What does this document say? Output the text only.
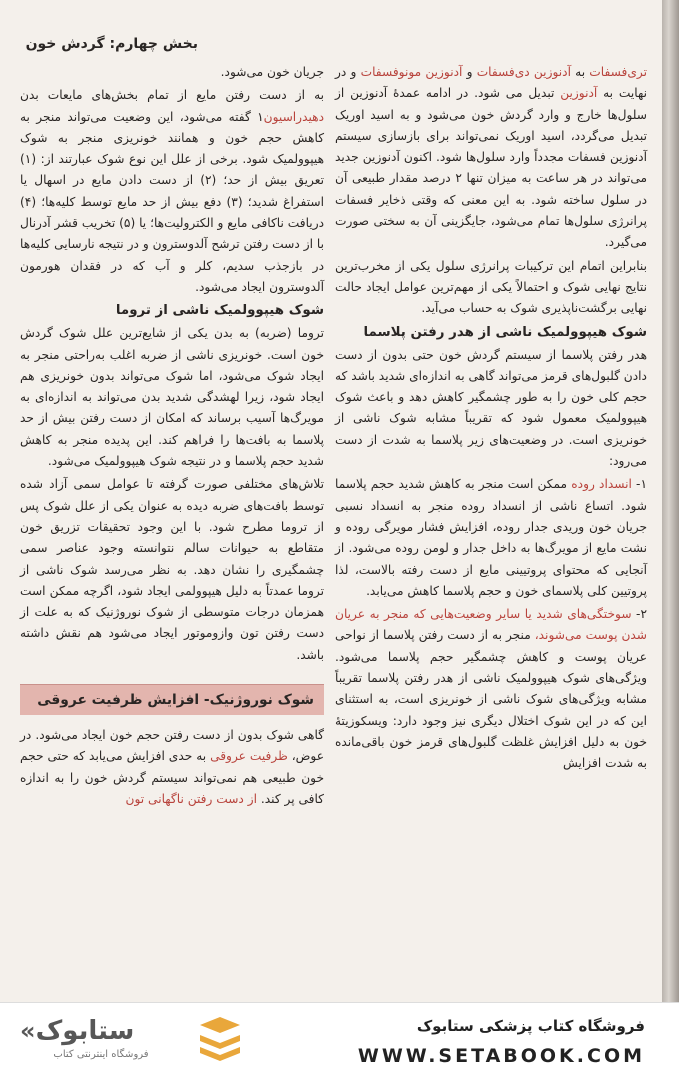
بخش چهارم: گردش خون

تری‌فسفات به آدنوزین دی‌فسفات و آدنوزین مونوفسفات و در نهایت به آدنوزین تبدیل می شود. در ادامه عمدهٔ آدنوزین از سلول‌ها خارج و وارد گردش خون می‌شود و به اسید اوریک تبدیل می‌گردد، اسید اوریک نمی‌تواند برای بازسازی سیستم آدنوزین فسفات مجدداً وارد سلول‌ها شود. اکنون آدنوزین جدید می‌تواند در هر ساعت به میزان تنها ۲ درصد مقدار طبیعی آن در سلول ساخته شود. به این معنی که وقتی ذخایر فسفات پرانرژی سلول‌ها تمام می‌شود، جایگزینی آن به سختی صورت می‌گیرد.

بنابراین اتمام این ترکیبات پرانرژی سلول یکی از مخرب‌ترین نتایج نهایی شوک و احتمالاً یکی از مهم‌ترین عوامل ایجاد حالت نهایی برگشت‌ناپذیری شوک به حساب می‌آید.

شوک هیپوولمیک ناشی از هدر رفتن پلاسما

هدر رفتن پلاسما از سیستم گردش خون حتی بدون از دست دادن گلبول‌های قرمز می‌تواند گاهی به اندازه‌ای شدید باشد که حجم کلی خون را به طور چشمگیر کاهش دهد و باعث شوک هیپوولمیک معمول شود که تقریباً مشابه شوک ناشی از خونریزی است. در وضعیت‌های زیر پلاسما به شدت از دست می‌رود:

۱- انسداد روده ممکن است منجر به کاهش شدید حجم پلاسما شود. اتساع ناشی از انسداد روده منجر به انسداد نسبی جریان خون وریدی جدار روده، افزایش فشار مویرگی روده و نشت مایع از مویرگ‌ها به داخل جدار و لومن روده می‌شود. از آنجایی که محتوای پروتیینی مایع از دست رفته بالاست، لذا پروتیین کلی پلاسمای خون و حجم پلاسما کاهش می‌یابد.

۲- سوختگی‌های شدید یا سایر وضعیت‌هایی که منجر به عریان شدن پوست می‌شوند، منجر به از دست رفتن پلاسما از نواحی عریان پوست و کاهش چشمگیر حجم پلاسما می‌شود. ویژگی‌های شوک هیپوولمیک ناشی از هدر رفتن پلاسما تقریباً مشابه ویژگی‌های شوک ناشی از خونریزی است، به استثنای این که در این شوک اختلال دیگری نیز وجود دارد: ویسکوزیتهٔ خون به دلیل افزایش غلظت گلبول‌های قرمز خون باقی‌مانده به شدت افزایش

جریان خون می‌شود.

به از دست رفتن مایع از تمام بخش‌های مایعات بدن دهیدراسیون۱ گفته می‌شود، این وضعیت می‌تواند منجر به کاهش حجم خون و همانند خونریزی منجر به شوک هیپوولمیک شود. برخی از علل این نوع شوک عبارتند از: (۱) تعریق بیش از حد؛ (۲) از دست دادن مایع در اسهال یا استفراغ شدید؛ (۳) دفع بیش از حد مایع توسط کلیه‌ها؛ (۴) دریافت ناکافی مایع و الکترولیت‌ها؛ یا (۵) تخریب قشر آدرنال با از دست رفتن ترشح آلدوسترون و در نتیجه نارسایی کلیه‌ها در بازجذب سدیم، کلر و آب که در فقدان هورمون آلدوسترون ایجاد می‌شود.

شوک هیپوولمیک ناشی از تروما

تروما (ضربه) به بدن یکی از شایع‌ترین علل شوک گردش خون است. خونریزی ناشی از ضربه اغلب به‌راحتی منجر به ایجاد شوک می‌شود، اما شوک می‌تواند بدون خونریزی هم ایجاد شود، زیرا لهشدگی شدید بدن می‌تواند به اندازه‌ای به مویرگ‌ها آسیب برساند که امکان از دست رفتن بیش از حد پلاسما به بافت‌ها را فراهم کند. این پدیده منجر به کاهش شدید حجم پلاسما و در نتیجه شوک هیپوولمیک می‌شود.

تلاش‌های مختلفی صورت گرفته تا عوامل سمی آزاد شده توسط بافت‌های ضربه دیده به عنوان یکی از علل شوک پس از تروما مطرح شود. با این وجود تحقیقات تزریق خون متقاطع به حیوانات سالم نتوانسته وجود عناصر سمی چشمگیری را نشان دهد. به نظر می‌رسد شوک ناشی از تروما عمدتاً به دلیل هیپوولمی ایجاد شود، اگرچه ممکن است همزمان درجات متوسطی از شوک نوروژنیک که به علت از دست رفتن تون وازوموتور ایجاد می‌شود هم نقش داشته باشد.

شوک نوروژنیک- افزایش ظرفیت عروقی

گاهی شوک بدون از دست رفتن حجم خون ایجاد می‌شود. در عوض، ظرفیت عروقی به حدی افزایش می‌یابد که حتی حجم خون طبیعی هم نمی‌تواند سیستم گردش خون را به اندازه کافی پر کند. از دست رفتن ناگهانی تون

« ستابوک
فروشگاه اینترنتی کتاب
فروشگاه کتاب پزشکی ستابوک
WWW.SETABOOK.COM
